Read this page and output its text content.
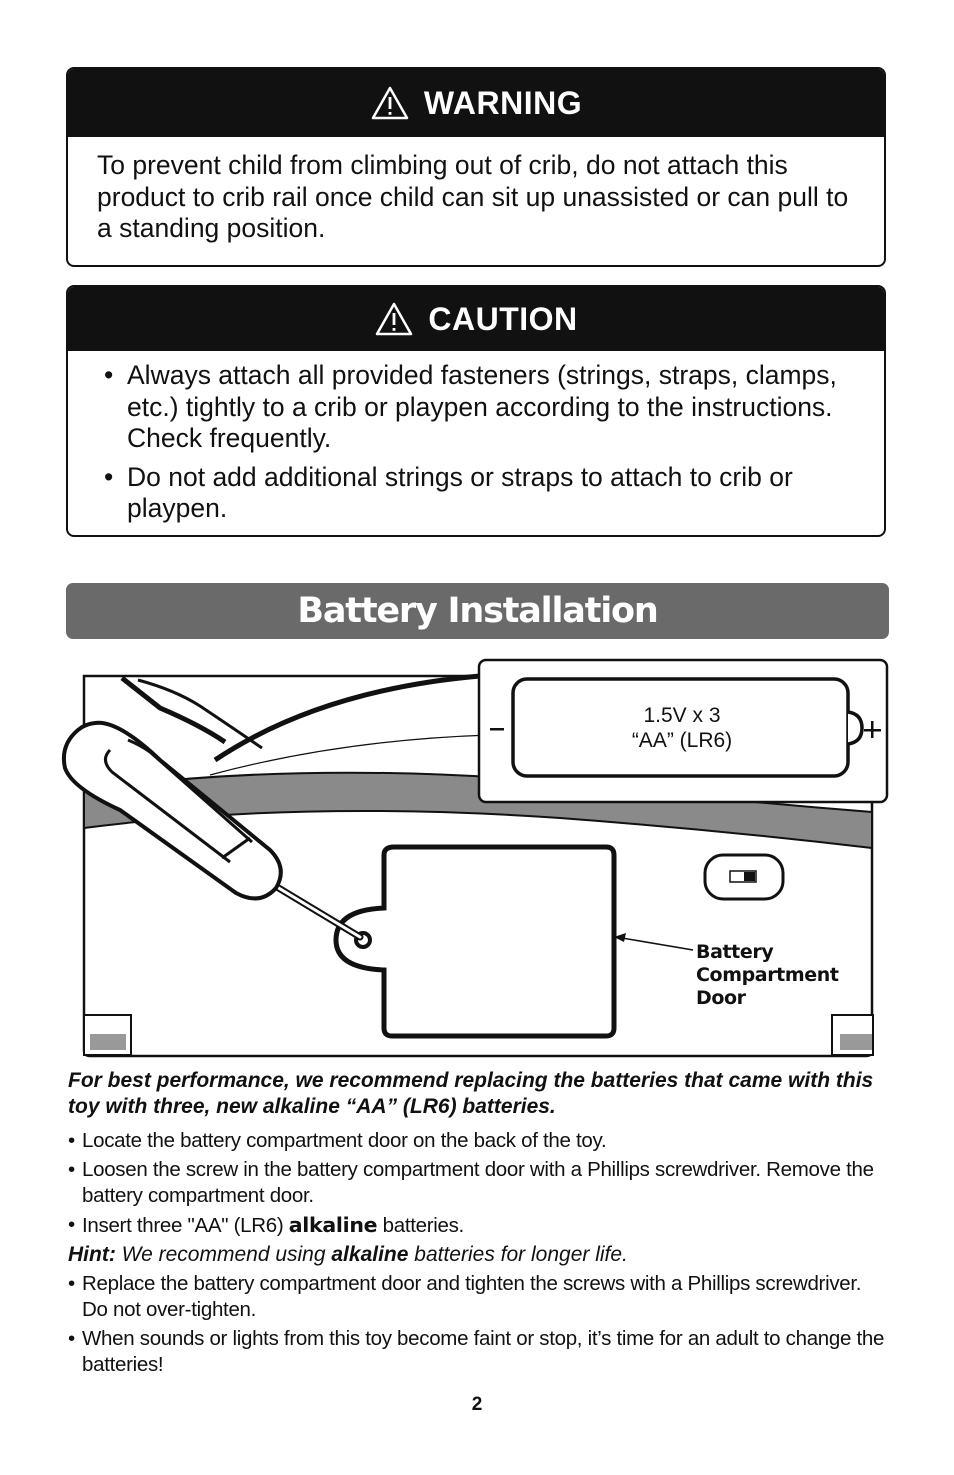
WARNING
To prevent child from climbing out of crib, do not attach this product to crib rail once child can sit up unassisted or can pull to a standing position.
CAUTION
• Always attach all provided fasteners (strings, straps, clamps, etc.) tightly to a crib or playpen according to the instructions. Check frequently.
• Do not add additional strings or straps to attach to crib or playpen.
Battery Installation
1.5V x 3
“AA” (LR6)
Battery
Compartment
Door

For best performance, we recommend replacing the batteries that came with this toy with three, new alkaline “AA” (LR6) batteries.

• Locate the battery compartment door on the back of the toy.
• Loosen the screw in the battery compartment door with a Phillips screwdriver. Remove the battery compartment door.
• Insert three "AA" (LR6) alkaline batteries.

Hint: We recommend using alkaline batteries for longer life.

• Replace the battery compartment door and tighten the screws with a Phillips screwdriver. Do not over-tighten.
• When sounds or lights from this toy become faint or stop, it’s time for an adult to change the batteries!
2
